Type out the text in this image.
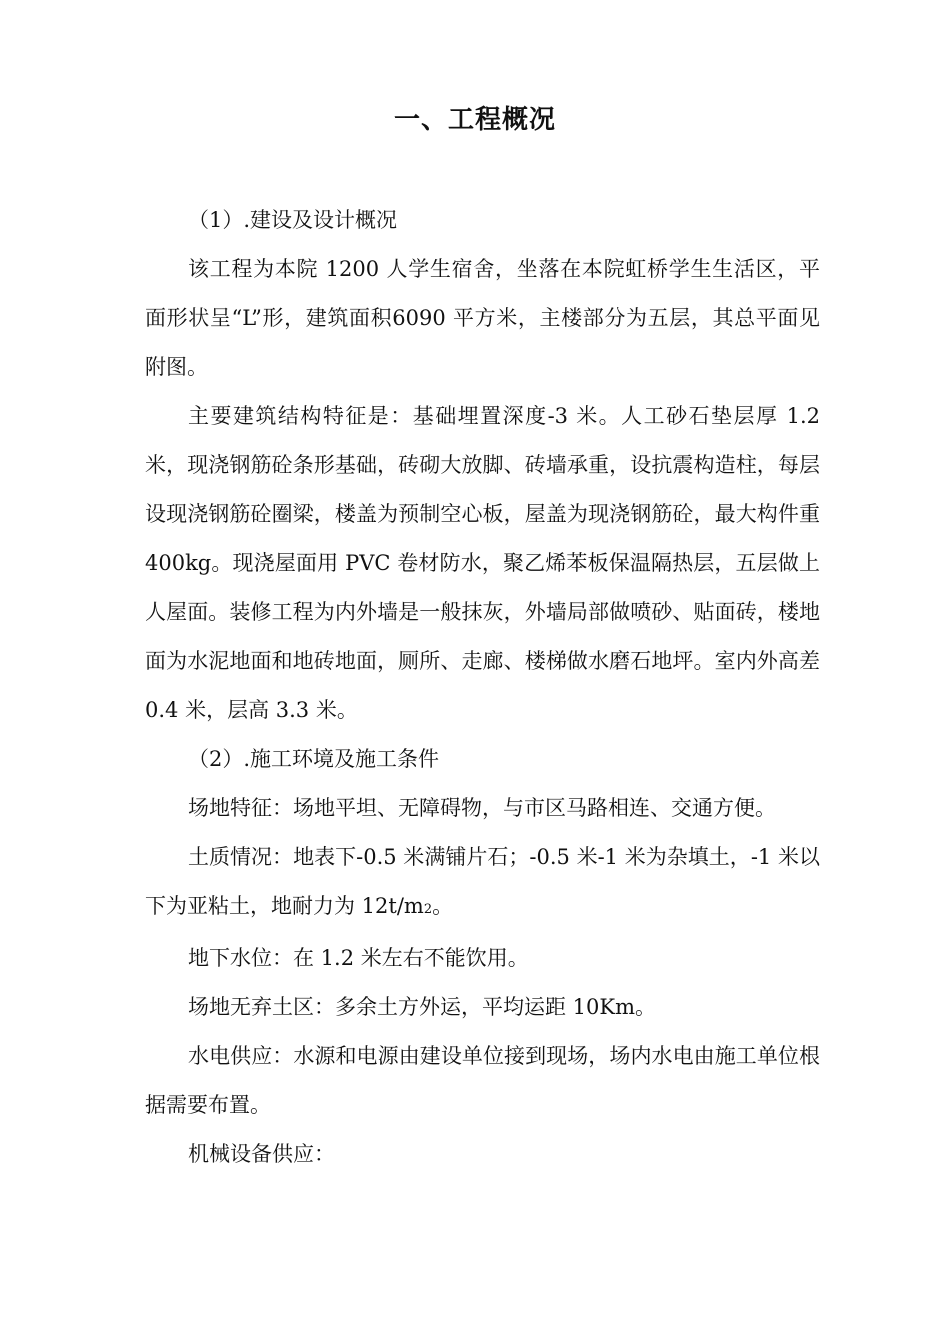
一、工程概况

（1）.建设及设计概况

该工程为本院 1200 人学生宿舍，坐落在本院虹桥学生生活区，平面形状呈“L”形，建筑面积6090 平方米，主楼部分为五层，其总平面见附图。

主要建筑结构特征是：基础埋置深度-3 米。人工砂石垫层厚 1.2 米，现浇钢筋砼条形基础，砖砌大放脚、砖墙承重，设抗震构造柱，每层设现浇钢筋砼圈梁，楼盖为预制空心板，屋盖为现浇钢筋砼，最大构件重 400kg。现浇屋面用 PVC 卷材防水，聚乙烯苯板保温隔热层，五层做上人屋面。装修工程为内外墙是一般抹灰，外墙局部做喷砂、贴面砖，楼地面为水泥地面和地砖地面，厕所、走廊、楼梯做水磨石地坪。室内外高差 0.4 米，层高 3.3 米。

（2）.施工环境及施工条件

场地特征：场地平坦、无障碍物，与市区马路相连、交通方便。

土质情况：地表下-0.5 米满铺片石；-0.5 米-1 米为杂填土，-1 米以下为亚粘土，地耐力为 12t/m2。

地下水位：在 1.2 米左右不能饮用。

场地无弃土区：多余土方外运，平均运距 10Km。

水电供应：水源和电源由建设单位接到现场，场内水电由施工单位根据需要布置。

机械设备供应：
